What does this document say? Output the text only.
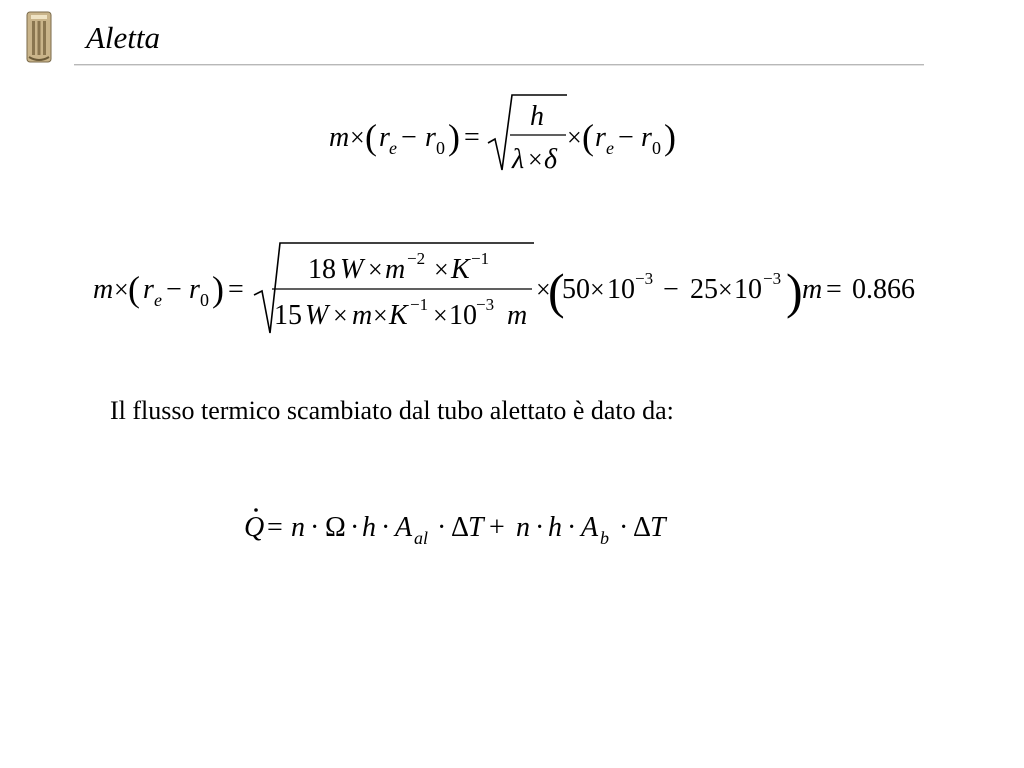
Aletta
m × ( r e − r 0 ) =
h
λ × δ
× ( r e − r 0 )
m × ( r e − r 0 ) =
18 W × m −2 × K −1
15 W × m × K −1 × 10 −3 m
×
(
50 × 10 −3 − 25 × 10 −3 ) m = 0.866
Il flusso termico scambiato dal tubo alettato è dato da:
Q = n · Ω · h · A al · Δ
T + n · h · A b · Δ
T
